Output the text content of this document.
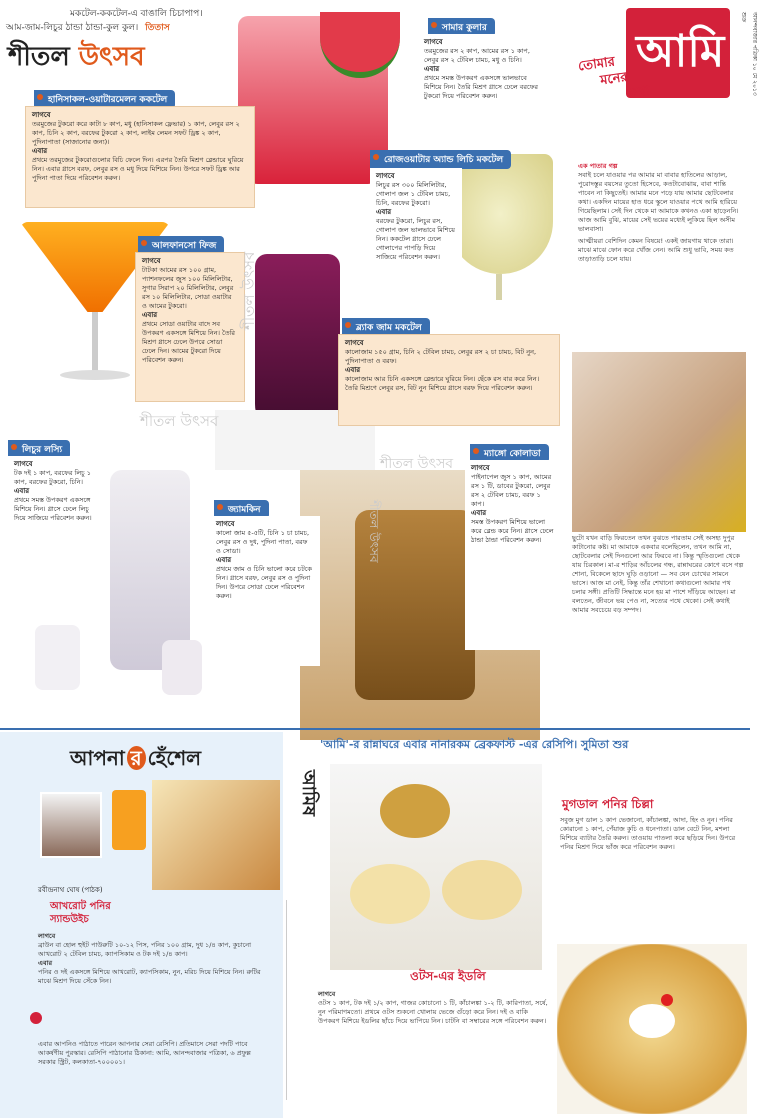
মকটেল-ককটেল-এ বাঙালি চিচাপাপ।
আম-জাম-লিচুর ঠান্ডা ঠান্ডা-কুল কুল। তিতাস
শীতল উৎসব
হানিসাকল-ওয়াটারমেলন ককটেল
লাগবে
তরমুজের টুকরো করে কাটা ৮ কাপ, মধু (হানিসাকল ফ্লেভার) ১ কাপ, লেবুর রস ২ কাপ, চিনি ২ কাপ, বরফের টুকরো ২ কাপ, লাইম লেমন সফট ড্রিঙ্ক ২ কাপ, পুদিনাপাতা (সাজানোর জন্য)।
এবার
প্রথমে তরমুজের টুকরোগুলোর বিচি ফেলে দিন। এরপর তৈরি মিশ্রণ ব্লেন্ডারে ঘুরিয়ে নিন। এবার গ্লাসে বরফ, লেবুর রস ও মধু দিয়ে মিশিয়ে নিন। উপরে সফট ড্রিঙ্ক আর পুদিনা পাতা দিয়ে পরিবেশন করুন।
সামার কুলার
লাগবে
তরমুজের রস ২ কাপ, আমের রস ১ কাপ, লেবুর রস ২ টেবিল চামচ, মধু ও চিনি।
এবার
প্রথমে সমস্ত উপকরণ একসঙ্গে ভালভাবে মিশিয়ে নিন। তৈরি মিশ্রণ গ্লাসে ঢেলে বরফের টুকরো দিয়ে পরিবেশন করুন।
রোজওয়াটার অ্যান্ড লিচি মকটেল
লাগবে
লিচুর রস ৩০০ মিলিলিটার, গোলাপ জল ১ টেবিল চামচ, চিনি, বরফের টুকরো।
এবার
বরফের টুকরো, লিচুর রস, গোলাপ জল ভালভাবে মিশিয়ে নিন। ককটেল গ্লাসে ঢেলে গোলাপের পাপড়ি দিয়ে সাজিয়ে পরিবেশন করুন।
আলফানসো ফিজ
লাগবে
টাটকা আমের রস ১০০ গ্রাম, প্যাশনফলের জুস ১০০ মিলিলিটার, সুগার সিরাপ ২০ মিলিলিটার, লেবুর রস ১০ মিলিলিটার, সোডা ওয়াটার ও আমের টুকরো।
এবার
প্রথমে সোডা ওয়াটার বাদে সব উপকরণ একসঙ্গে মিশিয়ে নিন। তৈরি মিশ্রণ গ্লাসে ঢেলে উপরে সোডা ঢেলে দিন। আমের টুকরো দিয়ে পরিবেশন করুন।
ব্ল্যাক জাম মকটেল
লাগবে
কালোজাম ১৫০ গ্রাম, চিনি ২ টেবিল চামচ, লেবুর রস ২ চা চামচ, বিট নুন, পুদিনাপাতা ও বরফ।
এবার
কালোজাম আর চিনি একসঙ্গে ব্লেন্ডারে ঘুরিয়ে নিন। ছেঁকে রস বার করে নিন। তৈরি মিশ্রণে লেবুর রস, বিট নুন মিশিয়ে গ্লাসে বরফ দিয়ে পরিবেশন করুন।
লিচুর লস্যি
লাগবে
টক দই ১ কাপ, বরফের লিচু ১ কাপ, বরফের টুকরো, চিনি।
এবার
প্রথমে সমস্ত উপকরণ একসঙ্গে মিশিয়ে নিন। গ্লাসে ঢেলে লিচু দিয়ে সাজিয়ে পরিবেশন করুন।
জ্যামকিন
লাগবে
কালো জাম ৫-৫টি, চিনি ১ চা চামচ, লেবুর রস ও দুধ, পুদিনা পাতা, বরফ ও সোডা।
এবার
প্রথমে জাম ও চিনি ভালো করে চটকে নিন। গ্লাসে বরফ, লেবুর রস ও পুদিনা দিন। উপরে সোডা ঢেলে পরিবেশন করুন।
ম্যাঙ্গো কোলাডা
লাগবে
পাইনাপেল জুস ১ কাপ, আমের রস ১ টি, ডাবের টুকরো, লেবুর রস ২ টেবিল চামচ, বরফ ১ কাপ।
এবার
সমস্ত উপকরণ মিশিয়ে ভালো করে ব্লেন্ড করে নিন। গ্লাসে ঢেলে ঠান্ডা ঠান্ডা পরিবেশন করুন।
শীতল উৎসব
শীতল উৎসব
শীতল উৎসব
শীতল উৎসব
আমি	আনন্দবাজার পত্রিকা ১০ মে ২০১৩ শুক্র
তোমার
মনের
কথা
এক পাতার গল্প
সবাই চলে যাওয়ার পর আমার মা বাবার হাতিলের আড়াল, পুরোদস্তুর বয়সের তুতো হিসেবে, কতটাবোঝায়, বাবা শান্তি পাবেন না কিছুতেই। আমার মনে পড়ে যায় আমার ছোটবেলার কথা। একদিন মায়ের হাত ধরে স্কুলে যাওয়ার পথে আমি হারিয়ে গিয়েছিলাম। সেই দিন থেকে মা আমাকে কখনও একা ছাড়েননি। আজ আমি বুঝি, মায়ের সেই ভয়ের মধ্যেই লুকিয়ে ছিল অসীম ভালবাসা।
আত্মীয়রা বেশিদিন কেমন বিষয়ে! একই জায়গায় থাকে তারা। মাঝে মাঝে ফোন করে খোঁজ নেন। আমি শুধু ভাবি, সময় কত তাড়াতাড়ি চলে যায়।
ছুটো যখন বাড়ি ফিরতেন তখন বুঝতে পারতাম সেই অসহ্য দুপুর কাটানোর কষ্ট। মা আমাকে একবার বলেছিলেন, তখন আমি না, ছোটবেলার সেই দিনগুলো আর ফিরবে না। কিন্তু স্মৃতিগুলো থেকে যায় চিরকাল। মা-র শাড়ির আঁচলের গন্ধ, রান্নাঘরের কোণে বসে গল্প শোনা, বিকেলে ছাদে ঘুড়ি ওড়ানো — সব যেন চোখের সামনে ভাসে। আজ মা নেই, কিন্তু তাঁর শেখানো কথাগুলো আমার পথ চলার সঙ্গী। প্রতিটি সিদ্ধান্তে মনে হয় মা পাশে দাঁড়িয়ে আছেন। মা বলতেন, জীবনে ভয় পেও না, সত্যের পথে থেকো। সেই কথাই আমার সবচেয়ে বড় সম্পদ।
আপনা র হেঁশেল
রবীন্দ্রনাথ ঘোষ (পাঠক)
আখরোট পনির স্যান্ডউইচ
লাগবে
ব্রাউন বা হোল হুইট পাউরুটি ১০-১২ পিস, পনির ১০০ গ্রাম, দুধ ১/৪ কাপ, কুচানো আখরোট ২ টেবিল চামচ, ক্যাপসিকাম ও টক দই ১/৪ কাপ।
এবার
পনির ও দই একসঙ্গে মিশিয়ে আখরোট, ক্যাপসিকাম, নুন, মরিচ দিয়ে মিশিয়ে নিন। রুটির মাঝে মিশ্রণ দিয়ে সেঁকে নিন।
এবার আপনিও পাঠাতে পারেন আপনার সেরা রেসিপি। প্রতিমাসে সেরা পদটি পাবে আকর্ষণীয় পুরস্কার। রেসিপি পাঠানোর ঠিকানা: আমি, আনন্দবাজার পত্রিকা, ৬ প্রফুল্ল সরকার স্ট্রিট, কলকাতা-৭০০০০১।
'আমি'-র রান্নাঘরে এবার নানারকম ব্রেকফাস্ট -এর রেসিপি। সুমিতা শুর
আমিষ
ওটস-এর ইডলি
লাগবে
ওটস ১ কাপ, টক দই ১/২ কাপ, গাজর কোচানো ১ টি, কাঁচালঙ্কা ১-২ টি, কারিপাতা, সর্ষে, নুন পরিমাণমতো। প্রথমে ওটস শুকনো খোলায় ভেজে গুঁড়ো করে নিন। দই ও বাকি উপকরণ মিশিয়ে ইডলির ছাঁচে দিয়ে ভাপিয়ে নিন। চাটনি বা সম্বারের সঙ্গে পরিবেশন করুন।
মুগডাল পনির চিল্লা
সবুজ মুগ ডাল ১ কাপ ভেজানো, কাঁচালঙ্কা, আদা, হিং ও নুন। পনির কোরানো ১ কাপ, পেঁয়াজ কুচি ও ধনেপাতা। ডাল বেটে নিন, মশলা মিশিয়ে ব্যাটার তৈরি করুন। তাওয়ায় পাতলা করে ছড়িয়ে দিন। উপরে পনির মিশ্রণ দিয়ে ভাঁজ করে পরিবেশন করুন।
